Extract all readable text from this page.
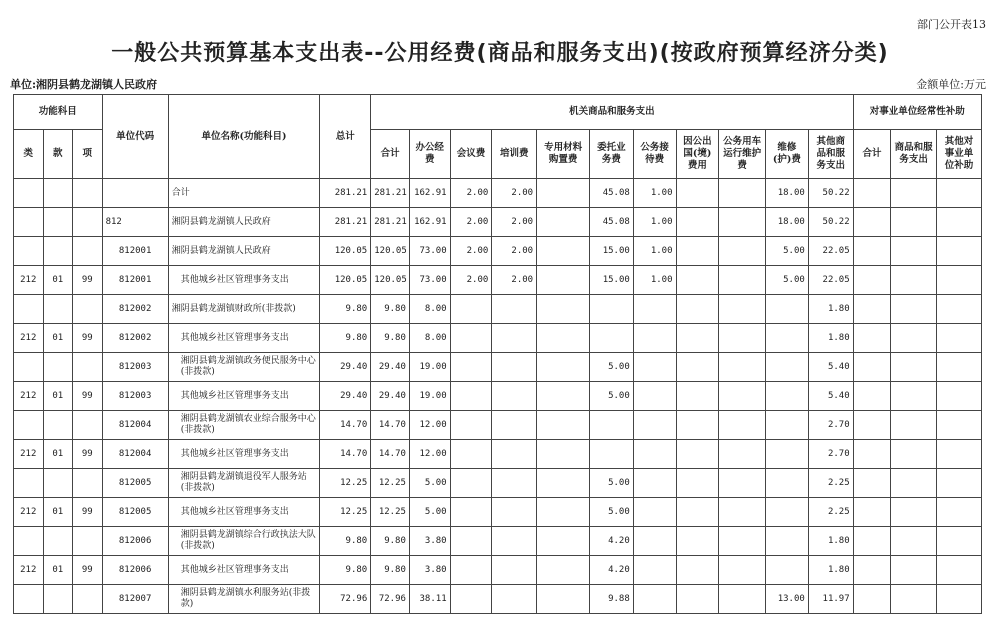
部门公开表13
一般公共预算基本支出表--公用经费(商品和服务支出)(按政府预算经济分类)
单位:湘阴县鹤龙湖镇人民政府	金额单位:万元
功能科目			单位代码	单位名称(功能科目)	总计	机关商品和服务支出											对事业单位经常性补助		
类	款	项				合计	办公经费	会议费	培训费	专用材料购置费	委托业务费	公务接待费	因公出国(境)费用	公务用车运行维护费	维修(护)费	其他商品和服务支出	合计	商品和服务支出	其他对事业单位补助
				合计	281.21	281.21	162.91	2.00	2.00		45.08	1.00			18.00	50.22			
			812	湘阴县鹤龙湖镇人民政府	281.21	281.21	162.91	2.00	2.00		45.08	1.00			18.00	50.22			
			812001	湘阴县鹤龙湖镇人民政府	120.05	120.05	73.00	2.00	2.00		15.00	1.00			5.00	22.05			
212	01	99	812001	其他城乡社区管理事务支出	120.05	120.05	73.00	2.00	2.00		15.00	1.00			5.00	22.05			
			812002	湘阴县鹤龙湖镇财政所(非拨款)	9.80	9.80	8.00									1.80			
212	01	99	812002	其他城乡社区管理事务支出	9.80	9.80	8.00									1.80			
			812003	湘阴县鹤龙湖镇政务便民服务中心(非拨款)	29.40	29.40	19.00				5.00					5.40			
212	01	99	812003	其他城乡社区管理事务支出	29.40	29.40	19.00				5.00					5.40			
			812004	湘阴县鹤龙湖镇农业综合服务中心(非拨款)	14.70	14.70	12.00									2.70			
212	01	99	812004	其他城乡社区管理事务支出	14.70	14.70	12.00									2.70			
			812005	湘阴县鹤龙湖镇退役军人服务站(非拨款)	12.25	12.25	5.00				5.00					2.25			
212	01	99	812005	其他城乡社区管理事务支出	12.25	12.25	5.00				5.00					2.25			
			812006	湘阴县鹤龙湖镇综合行政执法大队(非拨款)	9.80	9.80	3.80				4.20					1.80			
212	01	99	812006	其他城乡社区管理事务支出	9.80	9.80	3.80				4.20					1.80			
			812007	湘阴县鹤龙湖镇水利服务站(非拨款)	72.96	72.96	38.11				9.88				13.00	11.97			
